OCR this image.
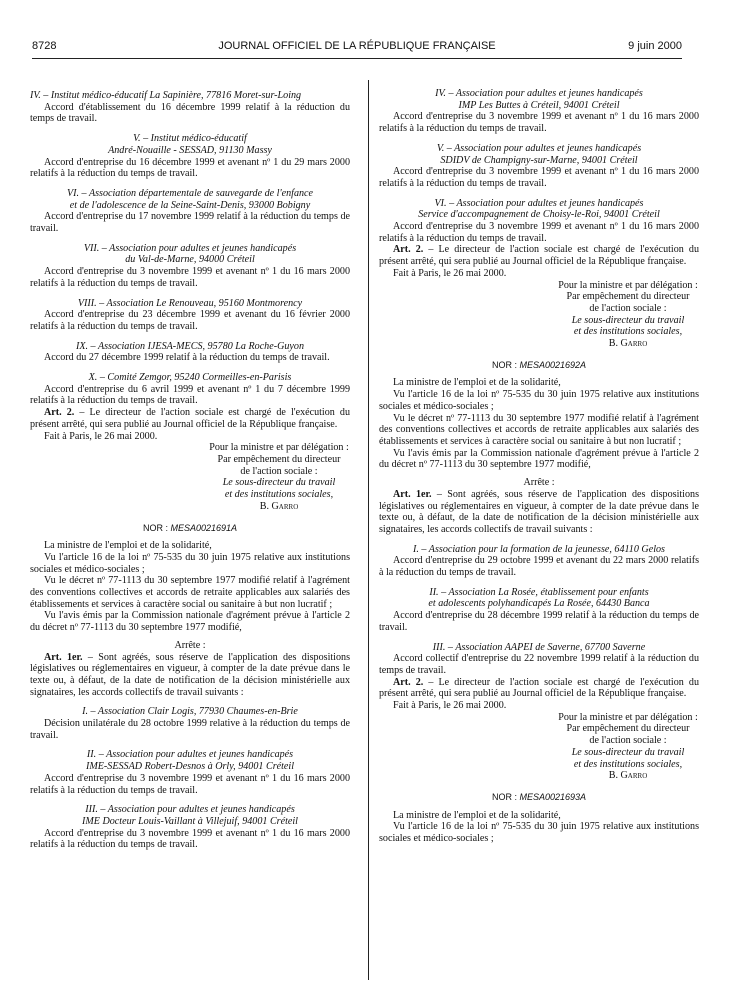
8728	JOURNAL OFFICIEL DE LA RÉPUBLIQUE FRANÇAISE	9 juin 2000

IV. – Institut médico-éducatif La Sapinière, 77816 Moret-sur-Loing

Accord d'établissement du 16 décembre 1999 relatif à la réduction du temps de travail.

V. – Institut médico-éducatif

André-Nouaille - SESSAD, 91130 Massy

Accord d'entreprise du 16 décembre 1999 et avenant nº 1 du 29 mars 2000 relatifs à la réduction du temps de travail.

VI. – Association départementale de sauvegarde de l'enfance

et de l'adolescence de la Seine-Saint-Denis, 93000 Bobigny

Accord d'entreprise du 17 novembre 1999 relatif à la réduction du temps de travail.

VII. – Association pour adultes et jeunes handicapés

du Val-de-Marne, 94000 Créteil

Accord d'entreprise du 3 novembre 1999 et avenant nº 1 du 16 mars 2000 relatifs à la réduction du temps de travail.

VIII. – Association Le Renouveau, 95160 Montmorency

Accord d'entreprise du 23 décembre 1999 et avenant du 16 février 2000 relatifs à la réduction du temps de travail.

IX. – Association IJESA-MECS, 95780 La Roche-Guyon

Accord du 27 décembre 1999 relatif à la réduction du temps de travail.

X. – Comité Zemgor, 95240 Cormeilles-en-Parisis

Accord d'entreprise du 6 avril 1999 et avenant nº 1 du 7 décembre 1999 relatifs à la réduction du temps de travail.

Art. 2. – Le directeur de l'action sociale est chargé de l'exécution du présent arrêté, qui sera publié au Journal officiel de la République française.

Fait à Paris, le 26 mai 2000.

Pour la ministre et par délégation :

Par empêchement du directeur

de l'action sociale :

Le sous-directeur du travail

et des institutions sociales,

B. Garro

NOR : MESA0021691A

La ministre de l'emploi et de la solidarité,

Vu l'article 16 de la loi nº 75-535 du 30 juin 1975 relative aux institutions sociales et médico-sociales ;

Vu le décret nº 77-1113 du 30 septembre 1977 modifié relatif à l'agrément des conventions collectives et accords de retraite applicables aux salariés des établissements et services à caractère social ou sanitaire à but non lucratif ;

Vu l'avis émis par la Commission nationale d'agrément prévue à l'article 2 du décret nº 77-1113 du 30 septembre 1977 modifié,

Arrête :

Art. 1er. – Sont agréés, sous réserve de l'application des dispositions législatives ou réglementaires en vigueur, à compter de la date prévue dans le texte ou, à défaut, de la date de notification de la décision ministérielle aux signataires, les accords collectifs de travail suivants :

I. – Association Clair Logis, 77930 Chaumes-en-Brie

Décision unilatérale du 28 octobre 1999 relative à la réduction du temps de travail.

II. – Association pour adultes et jeunes handicapés

IME-SESSAD Robert-Desnos à Orly, 94001 Créteil

Accord d'entreprise du 3 novembre 1999 et avenant nº 1 du 16 mars 2000 relatifs à la réduction du temps de travail.

III. – Association pour adultes et jeunes handicapés

IME Docteur Louis-Vaillant à Villejuif, 94001 Créteil

Accord d'entreprise du 3 novembre 1999 et avenant nº 1 du 16 mars 2000 relatifs à la réduction du temps de travail.

IV. – Association pour adultes et jeunes handicapés

IMP Les Buttes à Créteil, 94001 Créteil

Accord d'entreprise du 3 novembre 1999 et avenant nº 1 du 16 mars 2000 relatifs à la réduction du temps de travail.

V. – Association pour adultes et jeunes handicapés

SDIDV de Champigny-sur-Marne, 94001 Créteil

Accord d'entreprise du 3 novembre 1999 et avenant nº 1 du 16 mars 2000 relatifs à la réduction du temps de travail.

VI. – Association pour adultes et jeunes handicapés

Service d'accompagnement de Choisy-le-Roi, 94001 Créteil

Accord d'entreprise du 3 novembre 1999 et avenant nº 1 du 16 mars 2000 relatifs à la réduction du temps de travail.

Art. 2. – Le directeur de l'action sociale est chargé de l'exécution du présent arrêté, qui sera publié au Journal officiel de la République française.

Fait à Paris, le 26 mai 2000.

Pour la ministre et par délégation :

Par empêchement du directeur

de l'action sociale :

Le sous-directeur du travail

et des institutions sociales,

B. Garro

NOR : MESA0021692A

La ministre de l'emploi et de la solidarité,

Vu l'article 16 de la loi nº 75-535 du 30 juin 1975 relative aux institutions sociales et médico-sociales ;

Vu le décret nº 77-1113 du 30 septembre 1977 modifié relatif à l'agrément des conventions collectives et accords de retraite applicables aux salariés des établissements et services à caractère social ou sanitaire à but non lucratif ;

Vu l'avis émis par la Commission nationale d'agrément prévue à l'article 2 du décret nº 77-1113 du 30 septembre 1977 modifié,

Arrête :

Art. 1er. – Sont agréés, sous réserve de l'application des dispositions législatives ou réglementaires en vigueur, à compter de la date prévue dans le texte ou, à défaut, de la date de notification de la décision ministérielle aux signataires, les accords collectifs de travail suivants :

I. – Association pour la formation de la jeunesse, 64110 Gelos

Accord d'entreprise du 29 octobre 1999 et avenant du 22 mars 2000 relatifs à la réduction du temps de travail.

II. – Association La Rosée, établissement pour enfants

et adolescents polyhandicapés La Rosée, 64430 Banca

Accord d'entreprise du 28 décembre 1999 relatif à la réduction du temps de travail.

III. – Association AAPEI de Saverne, 67700 Saverne

Accord collectif d'entreprise du 22 novembre 1999 relatif à la réduction du temps de travail.

Art. 2. – Le directeur de l'action sociale est chargé de l'exécution du présent arrêté, qui sera publié au Journal officiel de la République française.

Fait à Paris, le 26 mai 2000.

Pour la ministre et par délégation :

Par empêchement du directeur

de l'action sociale :

Le sous-directeur du travail

et des institutions sociales,

B. Garro

NOR : MESA0021693A

La ministre de l'emploi et de la solidarité,

Vu l'article 16 de la loi nº 75-535 du 30 juin 1975 relative aux institutions sociales et médico-sociales ;
